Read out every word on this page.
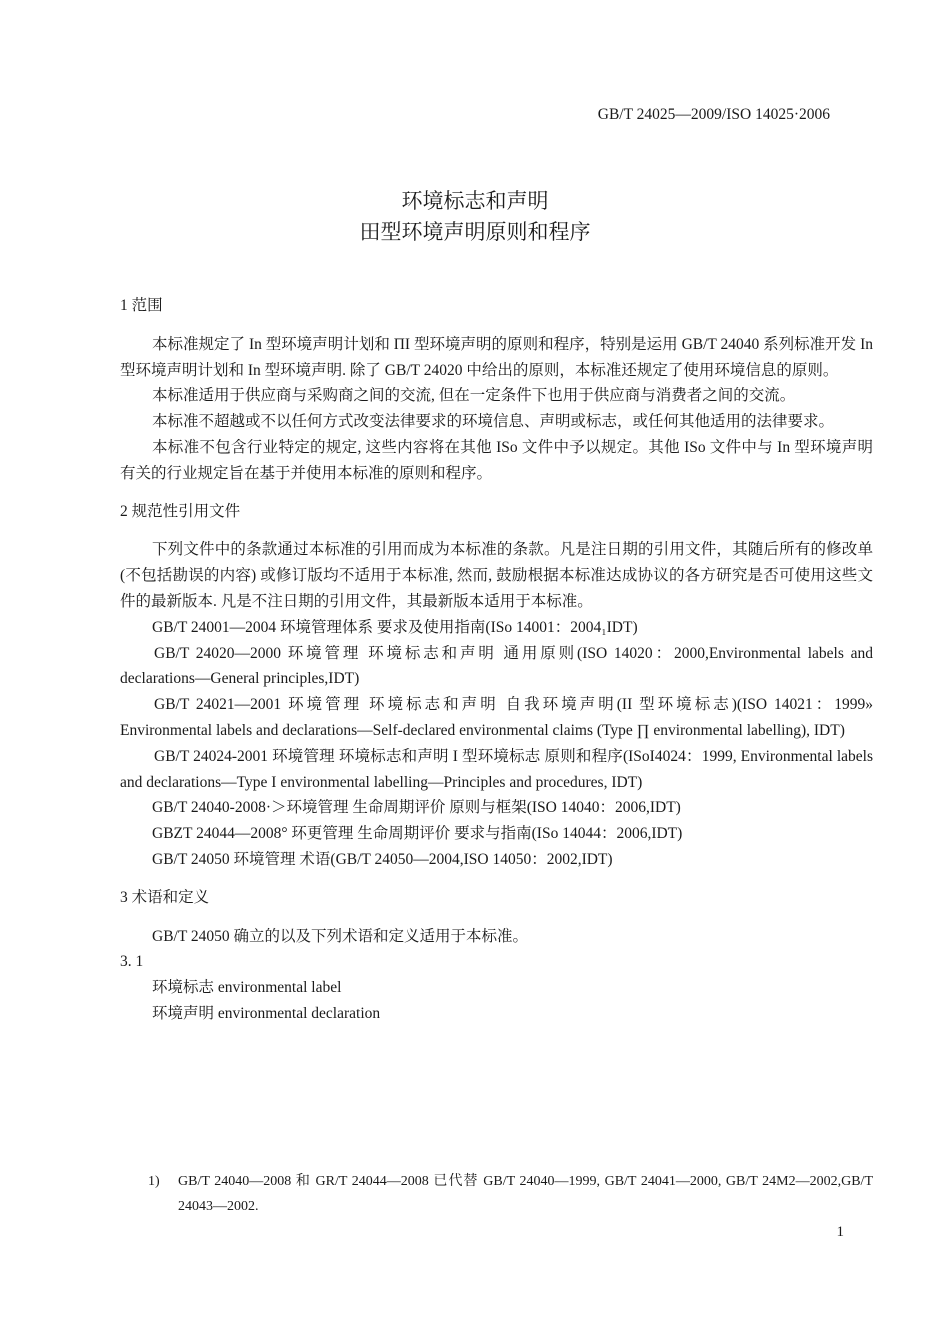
GB/T 24025—2009/ISO 14025·2006
环境标志和声明
田型环境声明原则和程序

1 范围

本标准规定了 In 型环境声明计划和 ΠI 型环境声明的原则和程序，特别是运用 GB/T 24040 系列标准开发 In 型环境声明计划和 In 型环境声明. 除了 GB/T 24020 中给出的原则，本标准还规定了使用环境信息的原则。

本标准适用于供应商与采购商之间的交流, 但在一定条件下也用于供应商与消费者之间的交流。

本标准不超越或不以任何方式改变法律要求的环境信息、声明或标志，或任何其他适用的法律要求。

本标准不包含行业特定的规定, 这些内容将在其他 ISo 文件中予以规定。其他 ISo 文件中与 In 型环境声明有关的行业规定旨在基于并使用本标准的原则和程序。

2 规范性引用文件

下列文件中的条款通过本标准的引用而成为本标准的条款。凡是注日期的引用文件，其随后所有的修改单(不包括勘误的内容) 或修订版均不适用于本标准, 然而, 鼓励根据本标准达成协议的各方研究是否可使用这些文件的最新版本. 凡是不注日期的引用文件，其最新版本适用于本标准。

GB/T 24001—2004 环境管理体系 要求及使用指南(ISo 14001：2004₁IDT)

GB/T 24020—2000 环境管理 环境标志和声明 通用原则(ISO 14020：2000,Environmental labels and declarations—General principles,IDT)

GB/T 24021—2001 环境管理 环境标志和声明 自我环境声明(II 型环境标志)(ISO 14021：1999» Environmental labels and declarations—Self-declared environmental claims (Type ∏ environmental labelling), IDT)

GB/T 24024-2001 环境管理 环境标志和声明 I 型环境标志 原则和程序(ISoI4024：1999, Environmental labels and declarations—Type I environmental labelling—Principles and procedures, IDT)

GB/T 24040-2008·＞环境管理 生命周期评价 原则与框架(ISO 14040：2006,IDT)

GBZT 24044—2008° 环更管理 生命周期评价 要求与指南(ISo 14044：2006,IDT)

GB/T 24050 环境管理 术语(GB/T 24050—2004,ISO 14050：2002,IDT)

3 术语和定义

GB/T 24050 确立的以及下列术语和定义适用于本标准。

3. 1

环境标志 environmental label

环境声明 environmental declaration

1)	GB/T 24040—2008 和 GR/T 24044—2008 已代替 GB/T 24040—1999, GB/T 24041—2000, GB/T 24M2—2002,GB/T 24043—2002.

1
